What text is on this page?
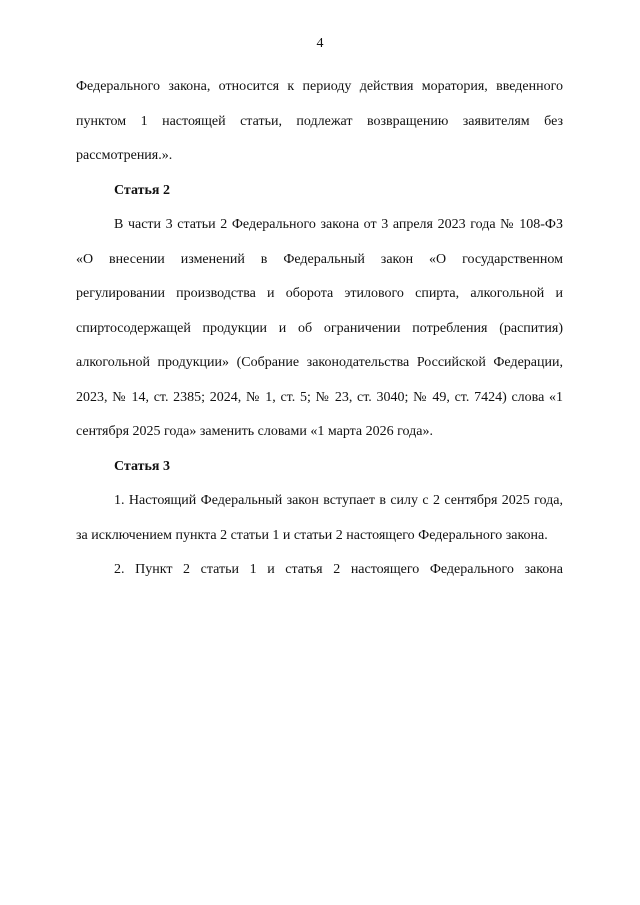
4

Федерального закона, относится к периоду действия моратория, введенного пунктом 1 настоящей статьи, подлежат возвращению заявителям без рассмотрения.».

Статья 2

В части 3 статьи 2 Федерального закона от 3 апреля 2023 года № 108-ФЗ «О внесении изменений в Федеральный закон «О государственном регулировании производства и оборота этилового спирта, алкогольной и спиртосодержащей продукции и об ограничении потребления (распития) алкогольной продукции» (Собрание законодательства Российской Федерации, 2023, № 14, ст. 2385; 2024, № 1, ст. 5; № 23, ст. 3040; № 49, ст. 7424) слова «1 сентября 2025 года» заменить словами «1 марта 2026 года».

Статья 3

1. Настоящий Федеральный закон вступает в силу с 2 сентября 2025 года, за исключением пункта 2 статьи 1 и статьи 2 настоящего Федерального закона.

2. Пункт 2 статьи 1 и статья 2 настоящего Федерального закона
